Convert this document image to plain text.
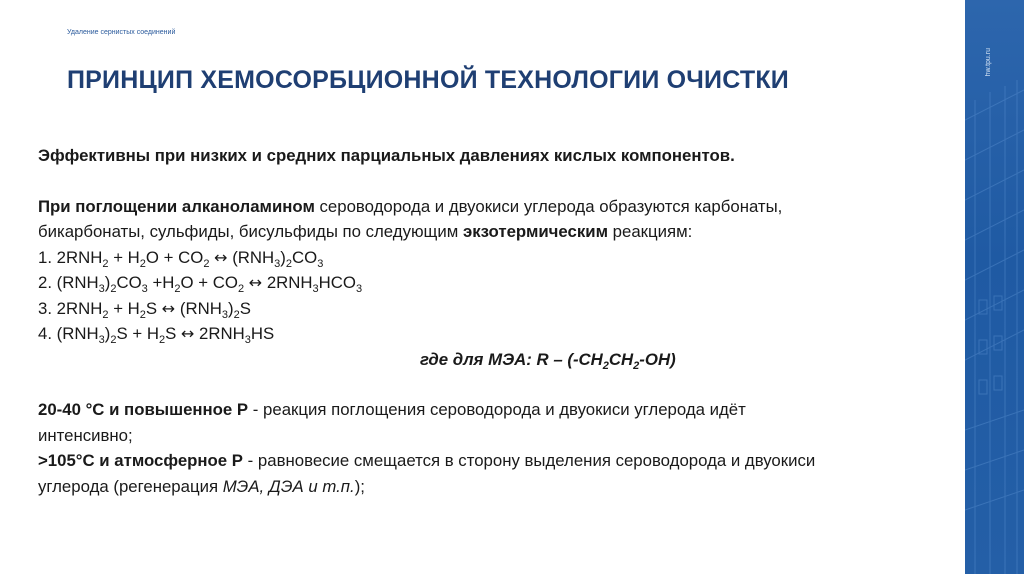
Удаление сернистых соединений
ПРИНЦИП ХЕМОСОРБЦИОННОЙ ТЕХНОЛОГИИ ОЧИСТКИ
hw.tpu.ru

Эффективны при низких и средних парциальных давлениях кислых компонентов.

При поглощении алканоламином сероводорода и двуокиси углерода образуются карбонаты,

бикарбонаты, сульфиды, бисульфиды по следующим экзотермическим реакциям:

1. $2RNH_2 + H_2O + CO_2$ ↔ $(RNH_3)_2CO_3$

2. $(RNH_3)_2CO_3 +H_2O + CO_2$ ↔ $2RNH_3HCO_3$

3. $2RNH_2 + H_2S$ ↔ $(RNH_3)_2S$

4. $(RNH_3)_2S + H_2S$ ↔ $2RNH_3HS$

где для МЭА: R – $(-CH_2CH_2-OH)$

20-40 °C и повышенное Р - реакция поглощения сероводорода и двуокиси углерода идёт

интенсивно;

>105°C и атмосферное Р - равновесие смещается в сторону выделения сероводорода и двуокиси

углерода (регенерация МЭА, ДЭА и т.п.);
